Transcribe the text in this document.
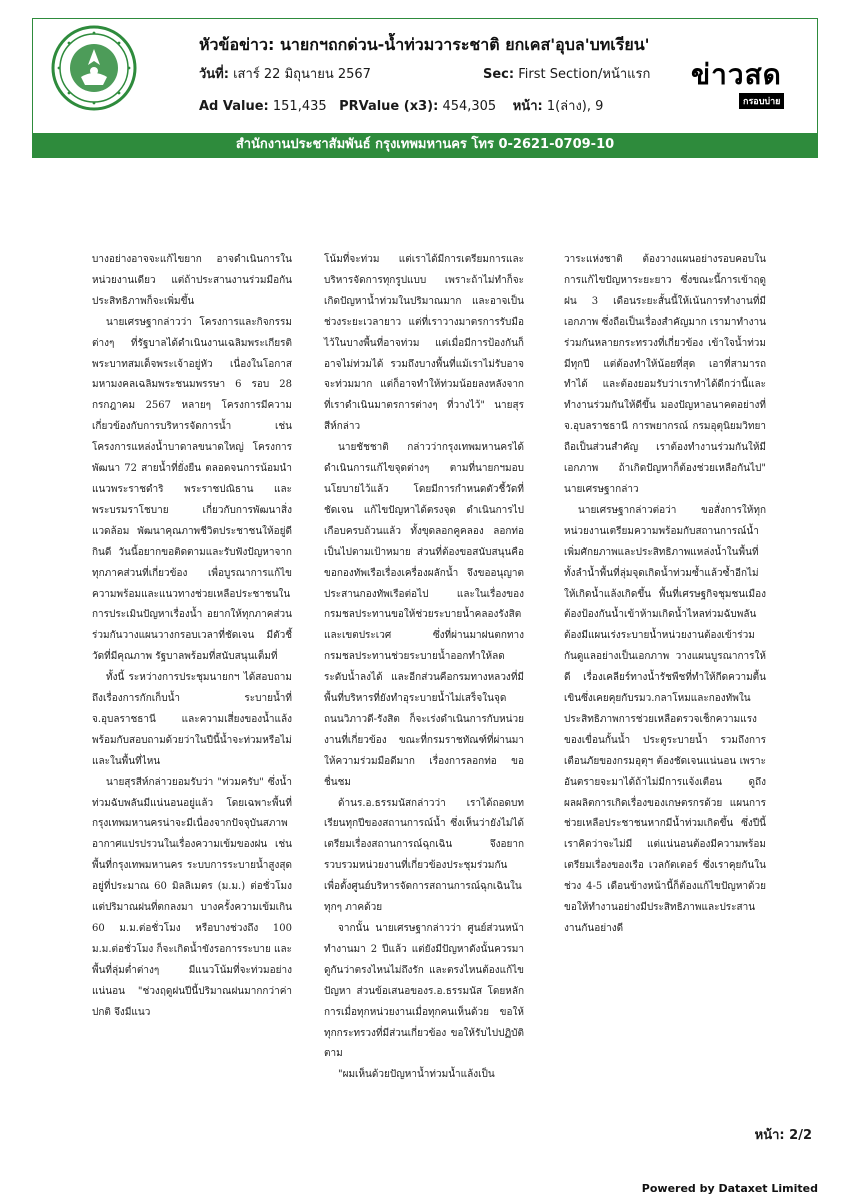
หัวข้อข่าว: นายกฯถกด่วน-น้ำท่วมวาระชาติ ยกเคส'อุบล'บทเรียน'
วันที่: เสาร์ 22 มิถุนายน 2567	Sec: First Section/หน้าแรก
Ad Value: 151,435 PRValue (x3): 454,305 หน้า: 1(ล่าง), 9
ข่าวสด
กรอบบ่าย
สำนักงานประชาสัมพันธ์ กรุงเทพมหานคร โทร 0-2621-0709-10

บางอย่างอาจจะแก้ไขยาก อาจดำเนินการในหน่วยงานเดียว แต่ถ้าประสานงานร่วมมือกันประสิทธิภาพก็จะเพิ่มขึ้น

นายเศรษฐากล่าวว่า โครงการและกิจกรรมต่างๆ ที่รัฐบาลได้ดำเนินงานเฉลิมพระเกียรติพระบาทสมเด็จพระเจ้าอยู่หัว เนื่องในโอกาสมหามงคลเฉลิมพระชนมพรรษา 6 รอบ 28 กรกฎาคม 2567 หลายๆ โครงการมีความเกี่ยวข้องกับการบริหารจัดการน้ำ เช่น โครงการแหล่งน้ำบาดาลขนาดใหญ่ โครงการพัฒนา 72 สายน้ำที่ยั่งยืน ตลอดจนการน้อมนำแนวพระราชดำริ พระราชปณิธาน และพระบรมราโชบาย เกี่ยวกับการพัฒนาสิ่งแวดล้อม พัฒนาคุณภาพชีวิตประชาชนให้อยู่ดีกินดี วันนี้อยากขอติดตามและรับฟังปัญหาจากทุกภาคส่วนที่เกี่ยวข้อง เพื่อบูรณาการแก้ไขความพร้อมและแนวทางช่วยเหลือประชาชนในการประเมินปัญหาเรื่องน้ำ อยากให้ทุกภาคส่วนร่วมกันวางแผนวางกรอบเวลาที่ชัดเจน มีตัวชี้วัดที่มีคุณภาพ รัฐบาลพร้อมที่สนับสนุนเต็มที่

ทั้งนี้ ระหว่างการประชุมนายกฯ ได้สอบถามถึงเรื่องการกักเก็บน้ำ ระบายน้ำที่จ.อุบลราชธานี และความเสี่ยงของน้ำแล้ง พร้อมกับสอบถามด้วยว่าในปีนี้น้ำจะท่วมหรือไม่ และในพื้นที่ไหน

นายสุรสีห์กล่าวยอมรับว่า "ท่วมครับ" ซึ่งน้ำท่วมฉับพลันมีแน่นอนอยู่แล้ว โดยเฉพาะพื้นที่กรุงเทพมหานครน่าจะมีเนื่องจากปัจจุบันสภาพอากาศแปรปรวนในเรื่องความเข้มของฝน เช่น พื้นที่กรุงเทพมหานคร ระบบการระบายน้ำสูงสุดอยู่ที่ประมาณ 60 มิลลิเมตร (ม.ม.) ต่อชั่วโมง แต่ปริมาณฝนที่ตกลงมา บางครั้งความเข้มเกิน 60 ม.ม.ต่อชั่วโมง หรือบางช่วงถึง 100 ม.ม.ต่อชั่วโมง ก็จะเกิดน้ำขังรอการระบาย และพื้นที่ลุ่มต่ำต่างๆ มีแนวโน้มที่จะท่วมอย่างแน่นอน "ช่วงฤดูฝนปีนี้ปริมาณฝนมากกว่าค่าปกติ จึงมีแนว

โน้มที่จะท่วม แต่เราได้มีการเตรียมการและบริหารจัดการทุกรูปแบบ เพราะถ้าไม่ทำก็จะเกิดปัญหาน้ำท่วมในปริมาณมาก และอาจเป็นช่วงระยะเวลายาว แต่ที่เราวางมาตรการรับมือไว้ในบางพื้นที่อาจท่วม แต่เมื่อมีการป้องกันก็อาจไม่ท่วมได้ รวมถึงบางพื้นที่แม้เราไม่รับอาจจะท่วมมาก แต่ก็อาจทำให้ท่วมน้อยลงหลังจากที่เราดำเนินมาตรการต่างๆ ที่วางไว้" นายสุรสีห์กล่าว

นายชัชชาติ กล่าวว่ากรุงเทพมหานครได้ดำเนินการแก้ไขจุดต่างๆ ตามที่นายกฯมอบนโยบายไว้แล้ว โดยมีการกำหนดตัวชี้วัดที่ชัดเจน แก้ไขปัญหาได้ตรงจุด ดำเนินการไปเกือบครบถ้วนแล้ว ทั้งขุดลอกคูคลอง ลอกท่อ เป็นไปตามเป้าหมาย ส่วนที่ต้องขอสนับสนุนคือขอกองทัพเรือเรื่องเครื่องผลักน้ำ จึงขออนุญาตประสานกองทัพเรือต่อไป และในเรื่องของกรมชลประทานขอให้ช่วยระบายน้ำคลองรังสิตและเขตประเวศ ซึ่งที่ผ่านมาฝนตกทางกรมชลประทานช่วยระบายน้ำออกทำให้ลดระดับน้ำลงได้ และอีกส่วนคือกรมทางหลวงที่มีพื้นที่บริหารที่ยังทำอุระบายน้ำไม่เสร็จในจุดถนนวิภาวดี-รังสิต ก็จะเร่งดำเนินการกับหน่วยงานที่เกี่ยวข้อง ขณะที่กรมราชทัณฑ์ที่ผ่านมาให้ความร่วมมือดีมาก เรื่องการลอกท่อ ขอชื่นชม

ด้านร.อ.ธรรมนัสกล่าวว่า เราได้ถอดบทเรียนทุกปีของสถานการณ์น้ำ ซึ่งเห็นว่ายังไม่ได้เตรียมเรื่องสถานการณ์ฉุกเฉิน จึงอยากรวบรวมหน่วยงานที่เกี่ยวข้องประชุมร่วมกัน เพื่อตั้งศูนย์บริหารจัดการสถานการณ์ฉุกเฉินในทุกๆ ภาคด้วย

จากนั้น นายเศรษฐากล่าวว่า ศูนย์ส่วนหน้าทำงานมา 2 ปีแล้ว แต่ยังมีปัญหาดังนั้นควรมาดูกันว่าตรงไหนไม่ถึงรัก และตรงไหนต้องแก้ไขปัญหา ส่วนข้อเสนอของร.อ.ธรรมนัส โดยหลักการเมื่อทุกหน่วยงานเมื่อทุกคนเห็นด้วย ขอให้ทุกกระทรวงที่มีส่วนเกี่ยวข้อง ขอให้รับไปปฏิบัติตาม

"ผมเห็นด้วยปัญหาน้ำท่วมน้ำแล้งเป็น

วาระแห่งชาติ ต้องวางแผนอย่างรอบคอบในการแก้ไขปัญหาระยะยาว ซึ่งขณะนี้การเข้าฤดูฝน 3 เดือนระยะสั้นนี้ให้เน้นการทำงานที่มีเอกภาพ ซึ่งถือเป็นเรื่องสำคัญมาก เรามาทำงานร่วมกันหลายกระทรวงที่เกี่ยวข้อง เข้าใจน้ำท่วมมีทุกปี แต่ต้องทำให้น้อยที่สุด เอาที่สามารถทำได้ และต้องยอมรับว่าเราทำได้ดีกว่านี้และทำงานร่วมกันให้ดีขึ้น มองปัญหาอนาคตอย่างที่จ.อุบลราชธานี การพยากรณ์ กรมอุตุนิยมวิทยาถือเป็นส่วนสำคัญ เราต้องทำงานร่วมกันให้มีเอกภาพ ถ้าเกิดปัญหาก็ต้องช่วยเหลือกันไป" นายเศรษฐากล่าว

นายเศรษฐากล่าวต่อว่า ขอสั่งการให้ทุกหน่วยงานเตรียมความพร้อมกับสถานการณ์น้ำ เพิ่มศักยภาพและประสิทธิภาพแหล่งน้ำในพื้นที่ทั้งลำน้ำพื้นที่ลุ่มจุดเกิดน้ำท่วมซ้ำแล้วซ้ำอีกไม่ให้เกิดน้ำแล้งเกิดขึ้น พื้นที่เศรษฐกิจชุมชนเมืองต้องป้องกันน้ำเข้าห้ามเกิดน้ำไหลท่วมฉับพลัน ต้องมีแผนเร่งระบายน้ำหน่วยงานต้องเข้าร่วมกันดูแลอย่างเป็นเอกภาพ วางแผนบูรณาการให้ดี เรื่องเคลียร์ทางน้ำรัชพืชที่ทำให้กีดความตื้นเขินซึ่งเคยคุยกับรมว.กลาโหมและกองทัพในประสิทธิภาพการช่วยเหลือตรวจเช็กความแรงของเขื่อนกั้นน้ำ ประตูระบายน้ำ รวมถึงการเตือนภัยของกรมอุตุฯ ต้องชัดเจนแน่นอน เพราะอันตรายจะมาได้ถ้าไม่มีการแจ้งเตือน ดูถึงผลผลิตการเกิดเรื่องของเกษตรกรด้วย แผนการช่วยเหลือประชาชนหากมีน้ำท่วมเกิดขึ้น ซึ่งปีนี้เราคิดว่าจะไม่มี แต่แน่นอนต้องมีความพร้อมเตรียมเรื่องของเรือ เวลกัตเตอร์ ซึ่งเราคุยกันในช่วง 4-5 เดือนข้างหน้านี้ก็ต้องแก้ไขปัญหาด้วยขอให้ทำงานอย่างมีประสิทธิภาพและประสานงานกันอย่างดี

หน้า: 2/2
Powered by Dataxet Limited
